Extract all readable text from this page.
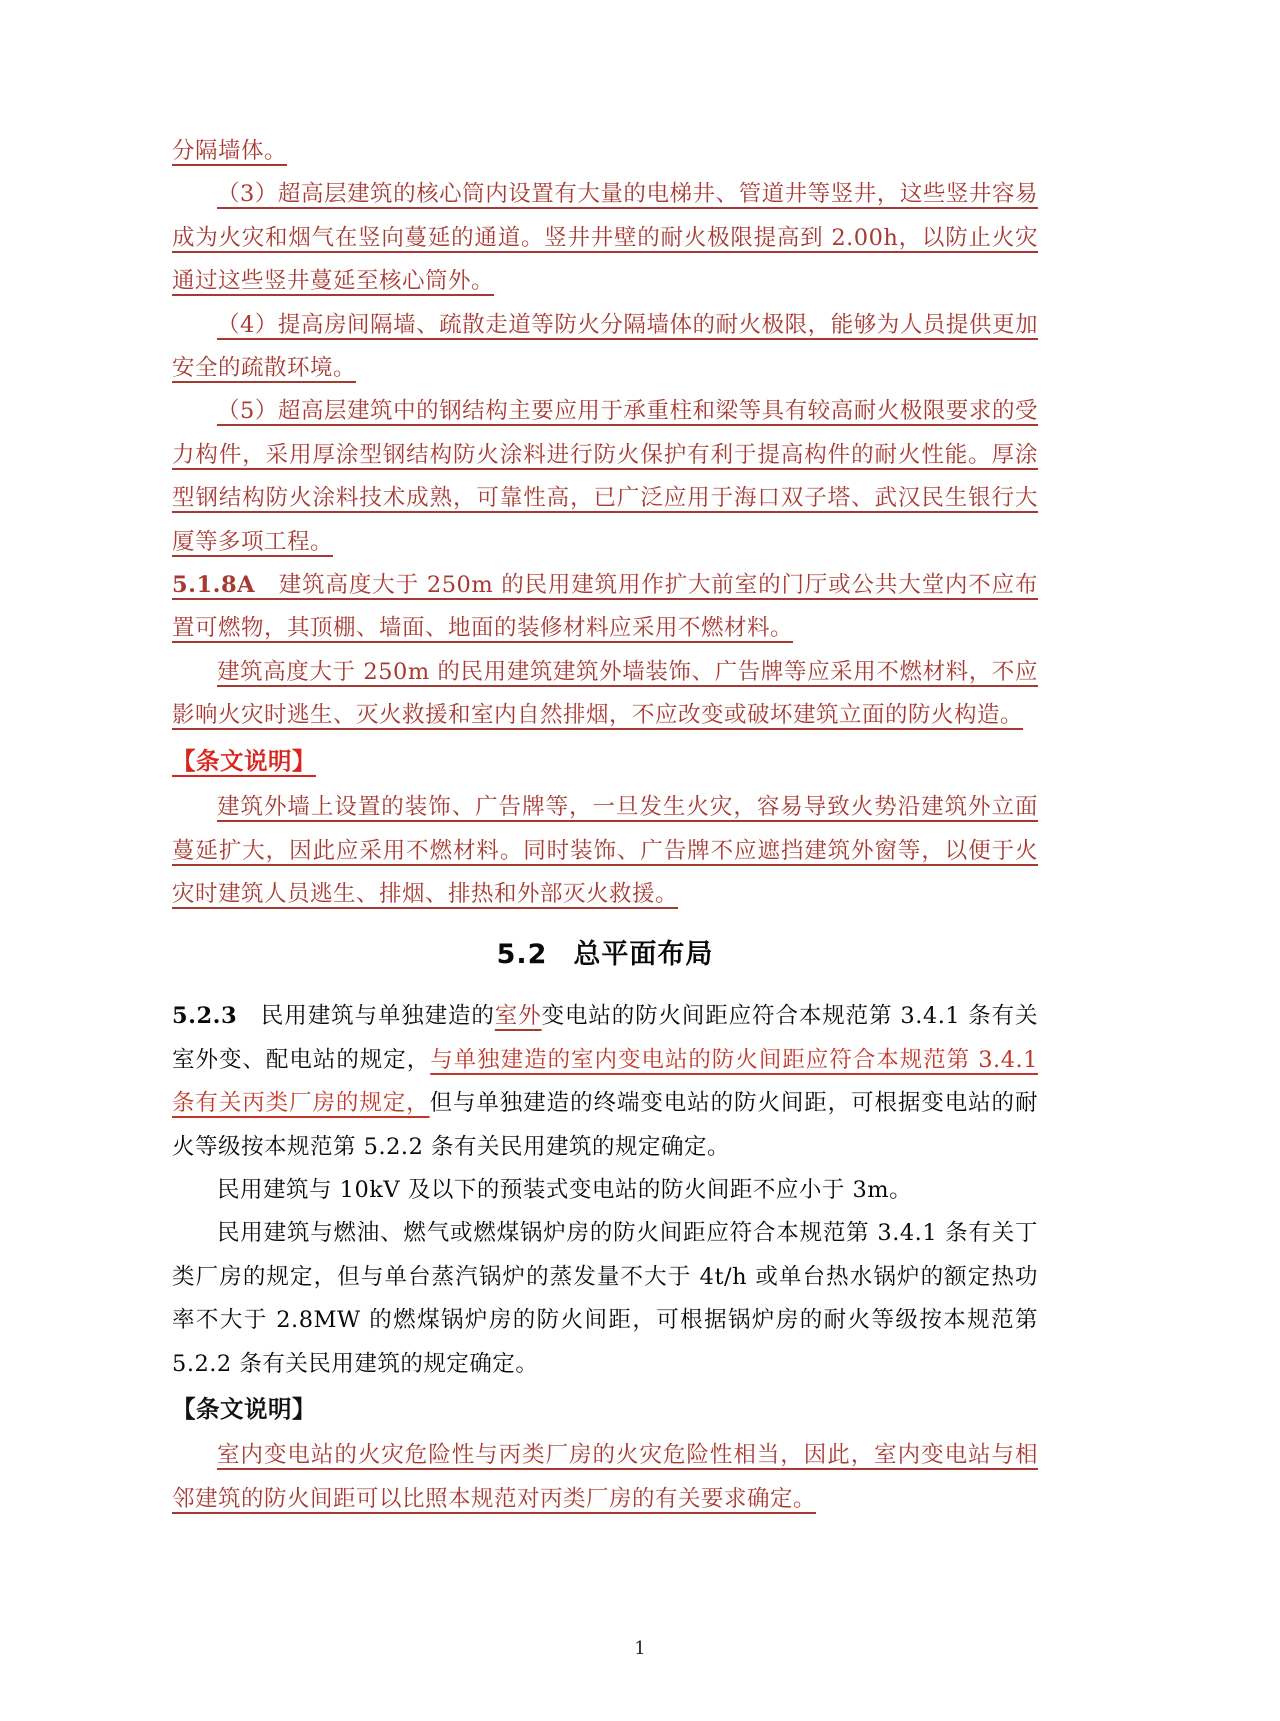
分隔墙体。

（3）超高层建筑的核心筒内设置有大量的电梯井、管道井等竖井，这些竖井容易成为火灾和烟气在竖向蔓延的通道。竖井井壁的耐火极限提高到 2.00h，以防止火灾通过这些竖井蔓延至核心筒外。

（4）提高房间隔墙、疏散走道等防火分隔墙体的耐火极限，能够为人员提供更加安全的疏散环境。

（5）超高层建筑中的钢结构主要应用于承重柱和梁等具有较高耐火极限要求的受力构件，采用厚涂型钢结构防火涂料进行防火保护有利于提高构件的耐火性能。厚涂型钢结构防火涂料技术成熟，可靠性高，已广泛应用于海口双子塔、武汉民生银行大厦等多项工程。

5.1.8A　建筑高度大于 250m 的民用建筑用作扩大前室的门厅或公共大堂内不应布置可燃物，其顶棚、墙面、地面的装修材料应采用不燃材料。

建筑高度大于 250m 的民用建筑建筑外墙装饰、广告牌等应采用不燃材料，不应影响火灾时逃生、灭火救援和室内自然排烟，不应改变或破坏建筑立面的防火构造。

【条文说明】

建筑外墙上设置的装饰、广告牌等，一旦发生火灾，容易导致火势沿建筑外立面蔓延扩大，因此应采用不燃材料。同时装饰、广告牌不应遮挡建筑外窗等，以便于火灾时建筑人员逃生、排烟、排热和外部灭火救援。

5.2 总平面布局

5.2.3　民用建筑与单独建造的室外变电站的防火间距应符合本规范第 3.4.1 条有关室外变、配电站的规定，与单独建造的室内变电站的防火间距应符合本规范第 3.4.1 条有关丙类厂房的规定，但与单独建造的终端变电站的防火间距，可根据变电站的耐火等级按本规范第 5.2.2 条有关民用建筑的规定确定。

民用建筑与 10kV 及以下的预装式变电站的防火间距不应小于 3m。

民用建筑与燃油、燃气或燃煤锅炉房的防火间距应符合本规范第 3.4.1 条有关丁类厂房的规定，但与单台蒸汽锅炉的蒸发量不大于 4t/h 或单台热水锅炉的额定热功率不大于 2.8MW 的燃煤锅炉房的防火间距，可根据锅炉房的耐火等级按本规范第 5.2.2 条有关民用建筑的规定确定。

【条文说明】

室内变电站的火灾危险性与丙类厂房的火灾危险性相当，因此，室内变电站与相邻建筑的防火间距可以比照本规范对丙类厂房的有关要求确定。

1
